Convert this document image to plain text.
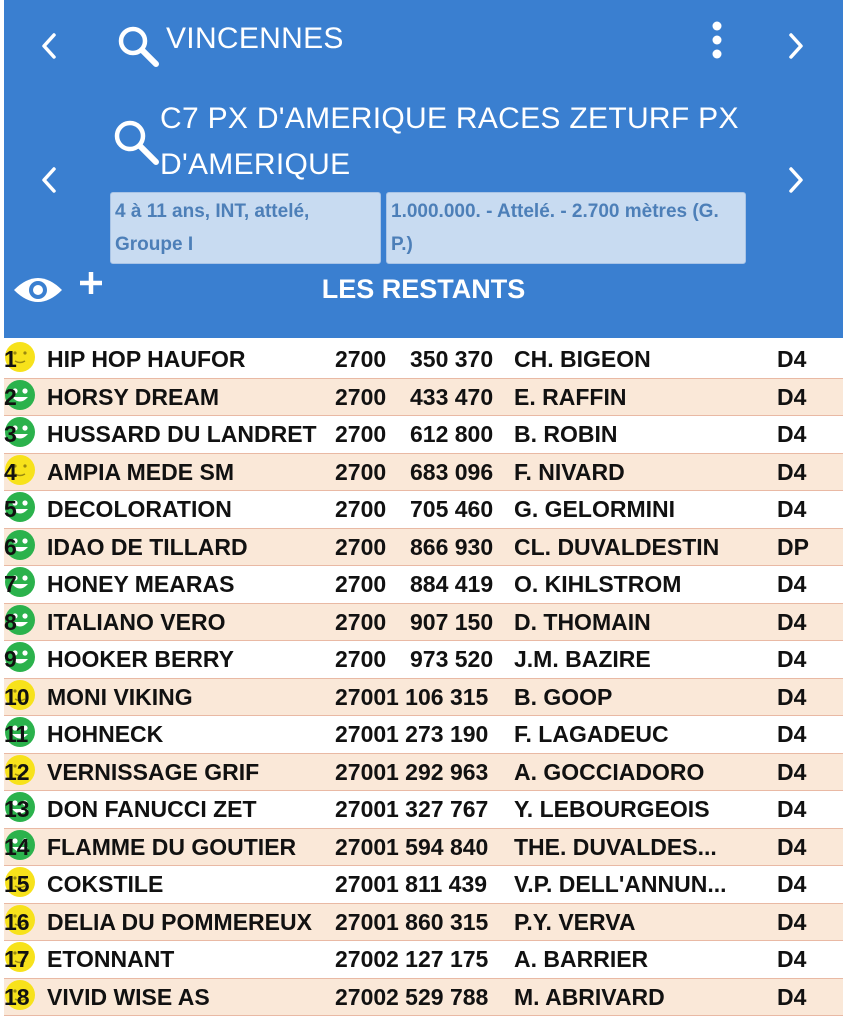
VINCENNES
C7 PX D'AMERIQUE RACES ZETURF PX D'AMERIQUE
4 à 11 ans, INT, attelé, Groupe I
1.000.000. - Attelé. - 2.700 mètres (G. P.)
LES RESTANTS
1 HIP HOP HAUFOR	2700 350 370 CH. BIGEON	D4
2 HORSY DREAM	2700 433 470 E. RAFFIN	D4
3 HUSSARD DU LANDRET 2700 612 800 B. ROBIN	D4
4 AMPIA MEDE SM	2700 683 096 F. NIVARD	D4
5 DECOLORATION	2700 705 460 G. GELORMINI	D4
6 IDAO DE TILLARD	2700 866 930 CL. DUVALDESTIN	DP
7 HONEY MEARAS	2700 884 419 O. KIHLSTROM	D4
8 ITALIANO VERO	2700 907 150 D. THOMAIN	D4
9 HOOKER BERRY	2700 973 520 J.M. BAZIRE	D4
10 MONI VIKING	2700 1 106 315 B. GOOP	D4
11 HOHNECK	2700 1 273 190 F. LAGADEUC	D4
12 VERNISSAGE GRIF	2700 1 292 963 A. GOCCIADORO	D4
13 DON FANUCCI ZET	2700 1 327 767 Y. LEBOURGEOIS	D4
14 FLAMME DU GOUTIER 2700 1 594 840 THE. DUVALDES...	D4
15 COKSTILE	2700 1 811 439 V.P. DELL'ANNUN...	D4
16 DELIA DU POMMEREUX 2700 1 860 315 P.Y. VERVA	D4
17 ETONNANT	2700 2 127 175 A. BARRIER	D4
18 VIVID WISE AS	2700 2 529 788 M. ABRIVARD	D4
